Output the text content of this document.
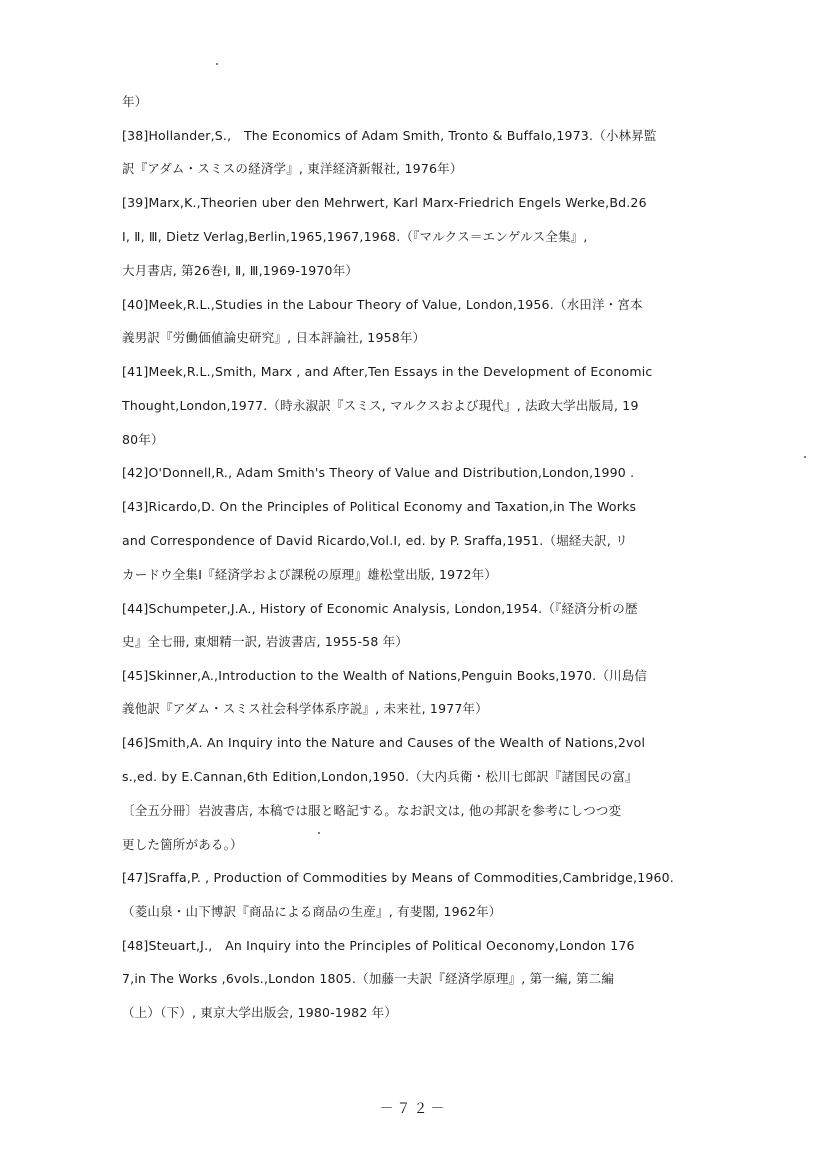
年）
[38]Hollander,S.,　The Economics of Adam Smith, Tronto & Buffalo,1973.（小林昇監
訳『アダム・スミスの経済学』, 東洋経済新報社, 1976年）
[39]Marx,K.,Theorien uber den Mehrwert, Karl Marx-Friedrich Engels Werke,Bd.26
Ⅰ, Ⅱ, Ⅲ, Dietz Verlag,Berlin,1965,1967,1968.（『マルクス＝エンゲルス全集』,
大月書店, 第26巻Ⅰ, Ⅱ, Ⅲ,1969-1970年）
[40]Meek,R.L.,Studies in the Labour Theory of Value, London,1956.（水田洋・宮本
義男訳『労働価値論史研究』, 日本評論社, 1958年）
[41]Meek,R.L.,Smith, Marx , and After,Ten Essays in the Development of Economic
Thought,London,1977.（時永淑訳『スミス, マルクスおよび現代』, 法政大学出版局, 19
80年）
[42]O'Donnell,R., Adam Smith's Theory of Value and Distribution,London,1990 .
[43]Ricardo,D. On the Principles of Political Economy and Taxation,in The Works
and Correspondence of David Ricardo,Vol.Ⅰ, ed. by P. Sraffa,1951.（堀経夫訳, リ
カードウ全集Ⅰ『経済学および課税の原理』雄松堂出版, 1972年）
[44]Schumpeter,J.A., History of Economic Analysis, London,1954.（『経済分析の歴
史』全七冊, 東畑精一訳, 岩波書店, 1955-58 年）
[45]Skinner,A.,Introduction to the Wealth of Nations,Penguin Books,1970.（川島信
義他訳『アダム・スミス社会科学体系序説』, 未来社, 1977年）
[46]Smith,A. An Inquiry into the Nature and Causes of the Wealth of Nations,2vol
s.,ed. by E.Cannan,6th Edition,London,1950.（大内兵衛・松川七郎訳『諸国民の富』
〔全五分冊〕岩波書店, 本稿では服と略記する。なお訳文は, 他の邦訳を参考にしつつ変
更した箇所がある。）
[47]Sraffa,P. , Production of Commodities by Means of Commodities,Cambridge,1960.
（菱山泉・山下博訳『商品による商品の生産』, 有斐閣, 1962年）
[48]Steuart,J.,　An Inquiry into the Principles of Political Oeconomy,London 176
7,in The Works ,6vols.,London 1805.（加藤一夫訳『経済学原理』, 第一編, 第二編
（上）（下）, 東京大学出版会, 1980-1982 年）
－７２－
